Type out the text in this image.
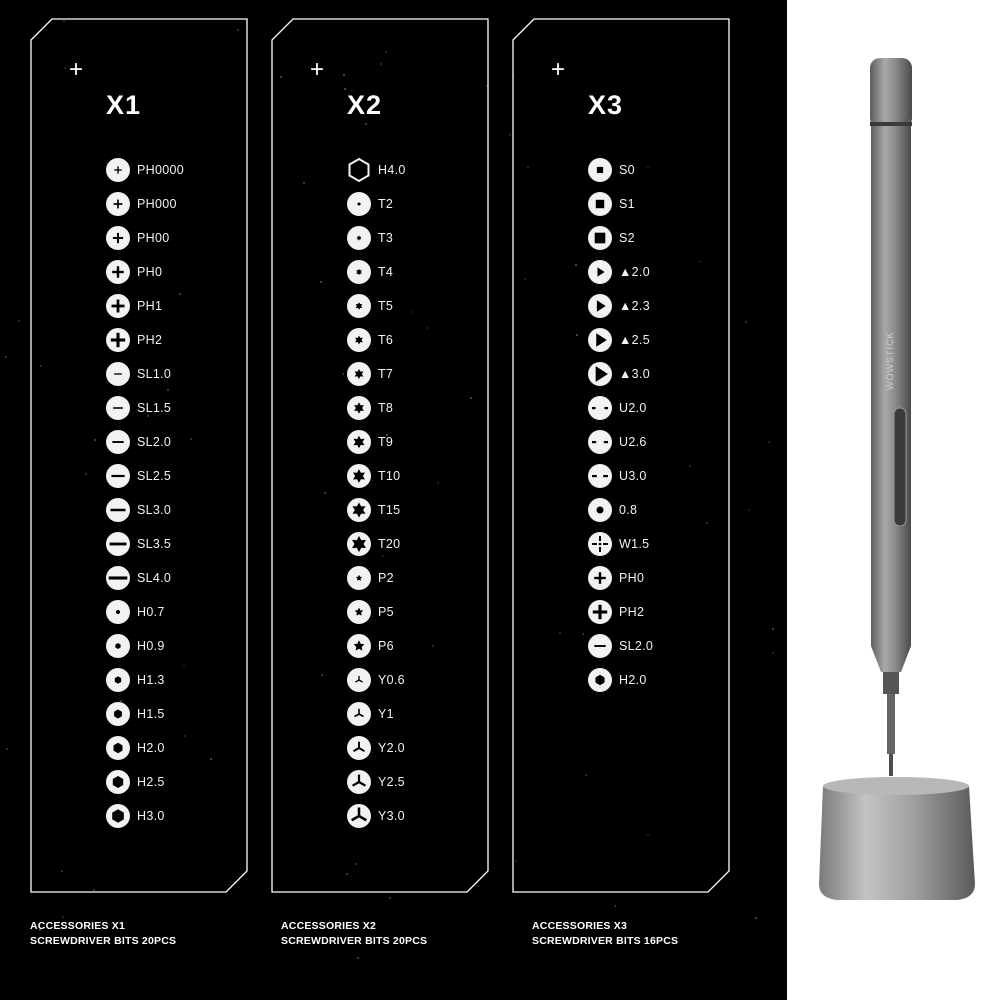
+
X1
PH0000
PH000
PH00
PH0
PH1
PH2
SL1.0
SL1.5
SL2.0
SL2.5
SL3.0
SL3.5
SL4.0
H0.7
H0.9
H1.3
H1.5
H2.0
H2.5
H3.0
+
X2
H4.0
T2
T3
T4
T5
T6
T7
T8
T9
T10
T15
T20
P2
P5
P6
Y0.6
Y1
Y2.0
Y2.5
Y3.0
+
X3
S0
S1
S2
▲2.0
▲2.3
▲2.5
▲3.0
U2.0
U2.6
U3.0
0.8
W1.5
PH0
PH2
SL2.0
H2.0
ACCESSORIES X1
SCREWDRIVER BITS 20PCS
ACCESSORIES X2
SCREWDRIVER BITS 20PCS
ACCESSORIES X3
SCREWDRIVER BITS 16PCS
WOWSTICK
